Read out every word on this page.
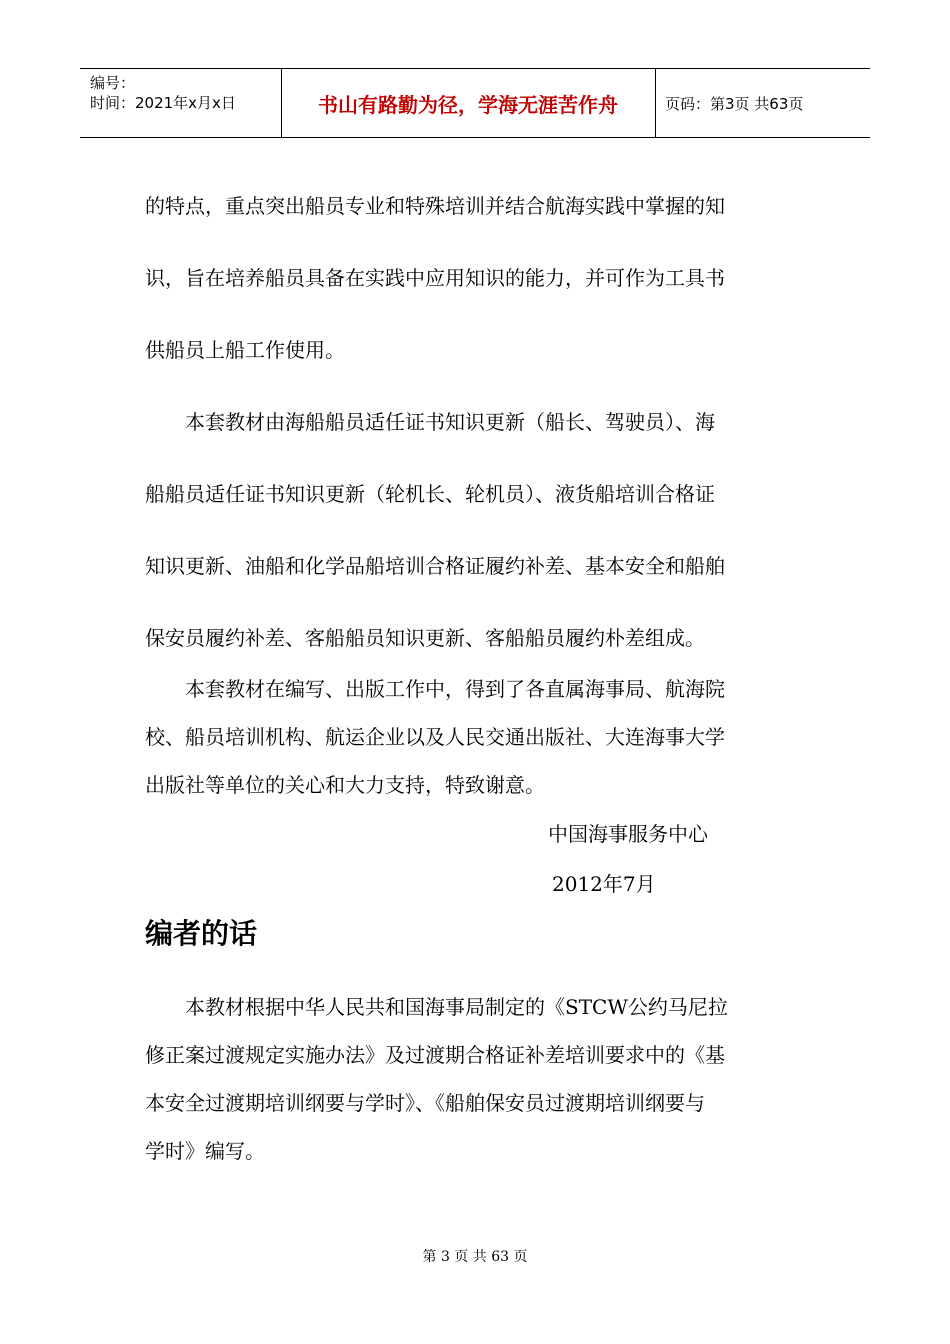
编号：
时间：2021年x月x日	书山有路勤为径，学海无涯苦作舟	页码：第3页 共63页
的特点，重点突出船员专业和特殊培训并结合航海实践中掌握的知
识，旨在培养船员具备在实践中应用知识的能力，并可作为工具书
供船员上船工作使用。
　　本套教材由海船船员适任证书知识更新（船长、驾驶员）、海
船船员适任证书知识更新（轮机长、轮机员）、液货船培训合格证
知识更新、油船和化学品船培训合格证履约补差、基本安全和船舶
保安员履约补差、客船船员知识更新、客船船员履约朴差组成。
　　本套教材在编写、出版工作中，得到了各直属海事局、航海院
校、船员培训机构、航运企业以及人民交通出版社、大连海事大学
出版社等单位的关心和大力支持，特致谢意。
中国海事服务中心
2012年7月
编者的话
　　本教材根据中华人民共和国海事局制定的《STCW公约马尼拉
修正案过渡规定实施办法》及过渡期合格证补差培训要求中的《基
本安全过渡期培训纲要与学时》、《船舶保安员过渡期培训纲要与
学时》编写。
第 3 页 共 63 页
